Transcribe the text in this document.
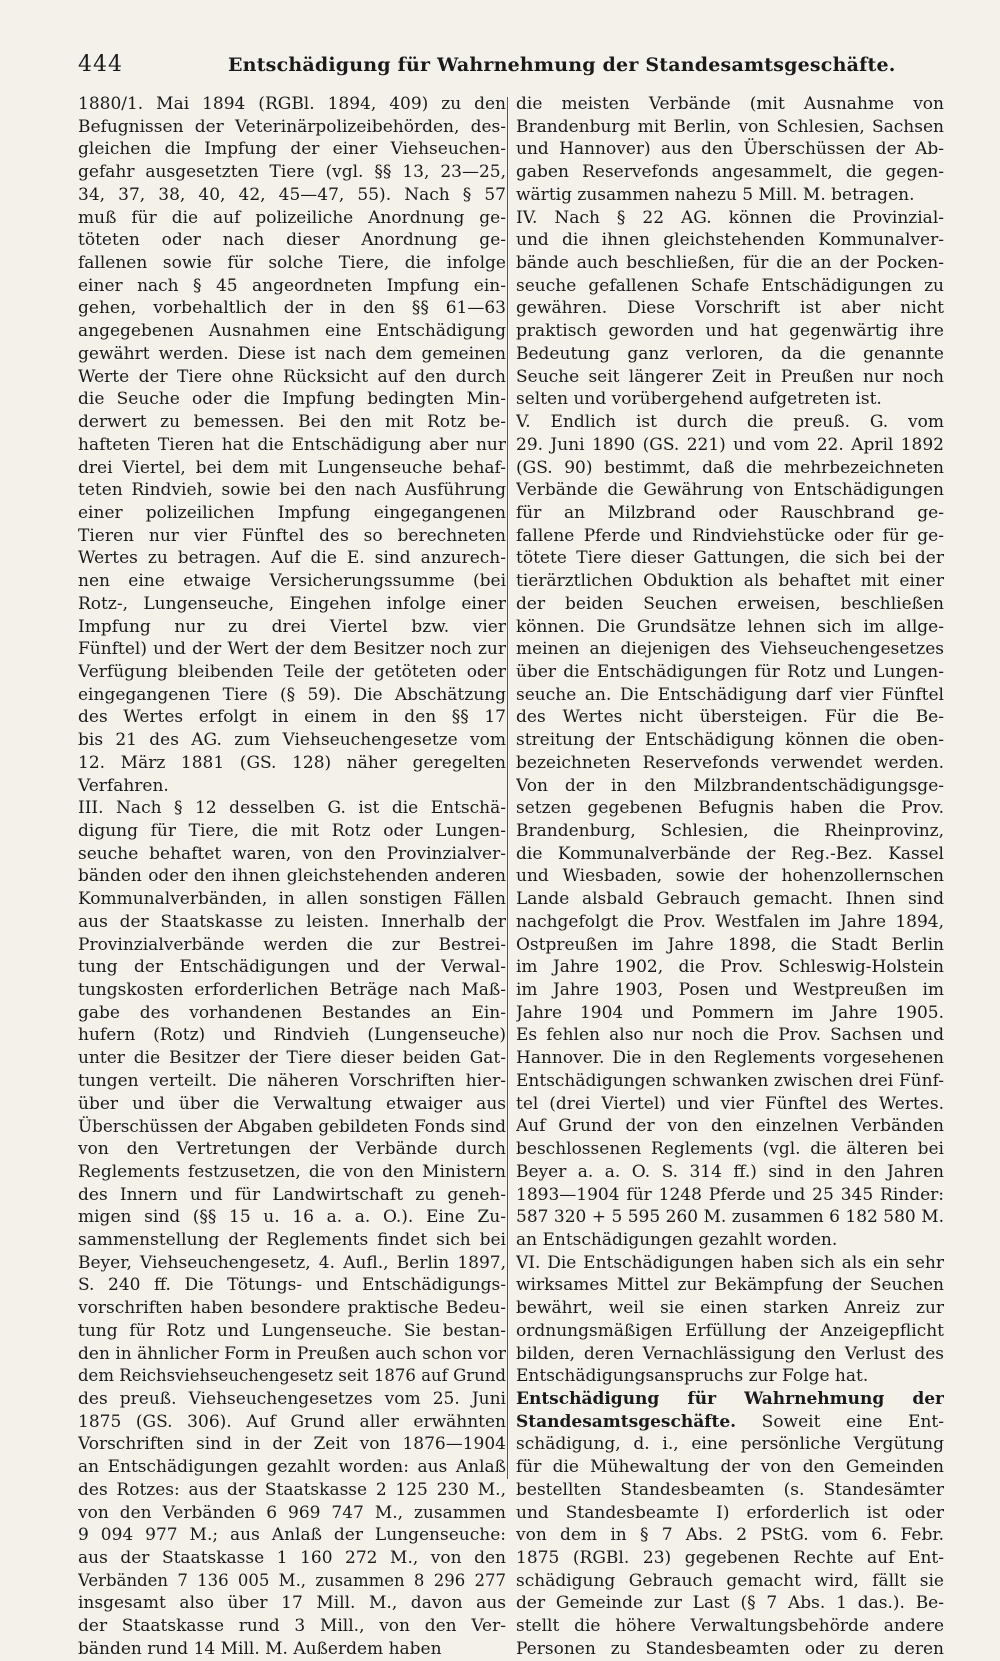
444	Entschädigung für Wahrnehmung der Standesamtsgeschäfte.
1880/1. Mai 1894 (RGBl. 1894, 409) zu den
Befugnissen der Veterinärpolizeibehörden, des-
gleichen die Impfung der einer Viehseuchen-
gefahr ausgesetzten Tiere (vgl. §§ 13, 23—25,
34, 37, 38, 40, 42, 45—47, 55). Nach § 57
muß für die auf polizeiliche Anordnung ge-
töteten oder nach dieser Anordnung ge-
fallenen sowie für solche Tiere, die infolge
einer nach § 45 angeordneten Impfung ein-
gehen, vorbehaltlich der in den §§ 61—63
angegebenen Ausnahmen eine Entschädigung
gewährt werden. Diese ist nach dem gemeinen
Werte der Tiere ohne Rücksicht auf den durch
die Seuche oder die Impfung bedingten Min-
derwert zu bemessen. Bei den mit Rotz be-
hafteten Tieren hat die Entschädigung aber nur
drei Viertel, bei dem mit Lungenseuche behaf-
teten Rindvieh, sowie bei den nach Ausführung
einer polizeilichen Impfung eingegangenen
Tieren nur vier Fünftel des so berechneten
Wertes zu betragen. Auf die E. sind anzurech-
nen eine etwaige Versicherungssumme (bei
Rotz-, Lungenseuche, Eingehen infolge einer
Impfung nur zu drei Viertel bzw. vier
Fünftel) und der Wert der dem Besitzer noch zur
Verfügung bleibenden Teile der getöteten oder
eingegangenen Tiere (§ 59). Die Abschätzung
des Wertes erfolgt in einem in den §§ 17
bis 21 des AG. zum Viehseuchengesetze vom
12. März 1881 (GS. 128) näher geregelten
Verfahren.
III. Nach § 12 desselben G. ist die Entschä-
digung für Tiere, die mit Rotz oder Lungen-
seuche behaftet waren, von den Provinzialver-
bänden oder den ihnen gleichstehenden anderen
Kommunalverbänden, in allen sonstigen Fällen
aus der Staatskasse zu leisten. Innerhalb der
Provinzialverbände werden die zur Bestrei-
tung der Entschädigungen und der Verwal-
tungskosten erforderlichen Beträge nach Maß-
gabe des vorhandenen Bestandes an Ein-
hufern (Rotz) und Rindvieh (Lungenseuche)
unter die Besitzer der Tiere dieser beiden Gat-
tungen verteilt. Die näheren Vorschriften hier-
über und über die Verwaltung etwaiger aus
Überschüssen der Abgaben gebildeten Fonds sind
von den Vertretungen der Verbände durch
Reglements festzusetzen, die von den Ministern
des Innern und für Landwirtschaft zu geneh-
migen sind (§§ 15 u. 16 a. a. O.). Eine Zu-
sammenstellung der Reglements findet sich bei
Beyer, Viehseuchengesetz, 4. Aufl., Berlin 1897,
S. 240 ff. Die Tötungs- und Entschädigungs-
vorschriften haben besondere praktische Bedeu-
tung für Rotz und Lungenseuche. Sie bestan-
den in ähnlicher Form in Preußen auch schon vor
dem Reichsviehseuchengesetz seit 1876 auf Grund
des preuß. Viehseuchengesetzes vom 25. Juni
1875 (GS. 306). Auf Grund aller erwähnten
Vorschriften sind in der Zeit von 1876—1904
an Entschädigungen gezahlt worden: aus Anlaß
des Rotzes: aus der Staatskasse 2 125 230 M.,
von den Verbänden 6 969 747 M., zusammen
9 094 977 M.; aus Anlaß der Lungenseuche:
aus der Staatskasse 1 160 272 M., von den
Verbänden 7 136 005 M., zusammen 8 296 277
insgesamt also über 17 Mill. M., davon aus
der Staatskasse rund 3 Mill., von den Ver-
bänden rund 14 Mill. M. Außerdem haben
die meisten Verbände (mit Ausnahme von
Brandenburg mit Berlin, von Schlesien, Sachsen
und Hannover) aus den Überschüssen der Ab-
gaben Reservefonds angesammelt, die gegen-
wärtig zusammen nahezu 5 Mill. M. betragen.
IV. Nach § 22 AG. können die Provinzial-
und die ihnen gleichstehenden Kommunalver-
bände auch beschließen, für die an der Pocken-
seuche gefallenen Schafe Entschädigungen zu
gewähren. Diese Vorschrift ist aber nicht
praktisch geworden und hat gegenwärtig ihre
Bedeutung ganz verloren, da die genannte
Seuche seit längerer Zeit in Preußen nur noch
selten und vorübergehend aufgetreten ist.
V. Endlich ist durch die preuß. G. vom
29. Juni 1890 (GS. 221) und vom 22. April 1892
(GS. 90) bestimmt, daß die mehrbezeichneten
Verbände die Gewährung von Entschädigungen
für an Milzbrand oder Rauschbrand ge-
fallene Pferde und Rindviehstücke oder für ge-
tötete Tiere dieser Gattungen, die sich bei der
tierärztlichen Obduktion als behaftet mit einer
der beiden Seuchen erweisen, beschließen
können. Die Grundsätze lehnen sich im allge-
meinen an diejenigen des Viehseuchengesetzes
über die Entschädigungen für Rotz und Lungen-
seuche an. Die Entschädigung darf vier Fünftel
des Wertes nicht übersteigen. Für die Be-
streitung der Entschädigung können die oben-
bezeichneten Reservefonds verwendet werden.
Von der in den Milzbrandentschädigungsge-
setzen gegebenen Befugnis haben die Prov.
Brandenburg, Schlesien, die Rheinprovinz,
die Kommunalverbände der Reg.-Bez. Kassel
und Wiesbaden, sowie der hohenzollernschen
Lande alsbald Gebrauch gemacht. Ihnen sind
nachgefolgt die Prov. Westfalen im Jahre 1894,
Ostpreußen im Jahre 1898, die Stadt Berlin
im Jahre 1902, die Prov. Schleswig-Holstein
im Jahre 1903, Posen und Westpreußen im
Jahre 1904 und Pommern im Jahre 1905.
Es fehlen also nur noch die Prov. Sachsen und
Hannover. Die in den Reglements vorgesehenen
Entschädigungen schwanken zwischen drei Fünf-
tel (drei Viertel) und vier Fünftel des Wertes.
Auf Grund der von den einzelnen Verbänden
beschlossenen Reglements (vgl. die älteren bei
Beyer a. a. O. S. 314 ff.) sind in den Jahren
1893—1904 für 1248 Pferde und 25 345 Rinder:
587 320 + 5 595 260 M. zusammen 6 182 580 M.
an Entschädigungen gezahlt worden.
VI. Die Entschädigungen haben sich als ein sehr
wirksames Mittel zur Bekämpfung der Seuchen
bewährt, weil sie einen starken Anreiz zur
ordnungsmäßigen Erfüllung der Anzeigepflicht
bilden, deren Vernachlässigung den Verlust des
Entschädigungsanspruchs zur Folge hat.
Entschädigung für Wahrnehmung der
Standesamtsgeschäfte. Soweit eine Ent-
schädigung, d. i., eine persönliche Vergütung
für die Mühewaltung der von den Gemeinden
bestellten Standesbeamten (s. Standesämter
und Standesbeamte I) erforderlich ist oder
von dem in § 7 Abs. 2 PStG. vom 6. Febr.
1875 (RGBl. 23) gegebenen Rechte auf Ent-
schädigung Gebrauch gemacht wird, fällt sie
der Gemeinde zur Last (§ 7 Abs. 1 das.). Be-
stellt die höhere Verwaltungsbehörde andere
Personen zu Standesbeamten oder zu deren
